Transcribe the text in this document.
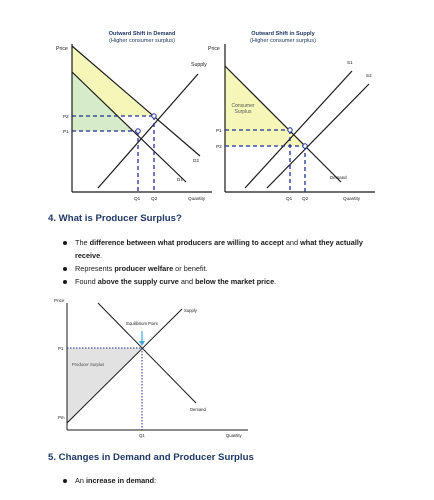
Outward Shift in Demand
(Higher consumer surplus)
Price
Supply
D1
D2
P2
P1
Q1 Q2	Quantity
Outward Shift in Supply
(Higher consumer surplus)
Price
Consumer
Surplus
S1
S2
Demand
P1
P2
Q1 Q2	Quantity
4. What is Producer Surplus?
The difference between what producers are willing to accept and what they actually receive.
Represents producer welfare or benefit.
Found above the supply curve and below the market price.
Price
Equilibrium Point
Supply
Demand
Producer Surplus
P1
Pm
Q1	Quantity
5. Changes in Demand and Producer Surplus
An increase in demand:
